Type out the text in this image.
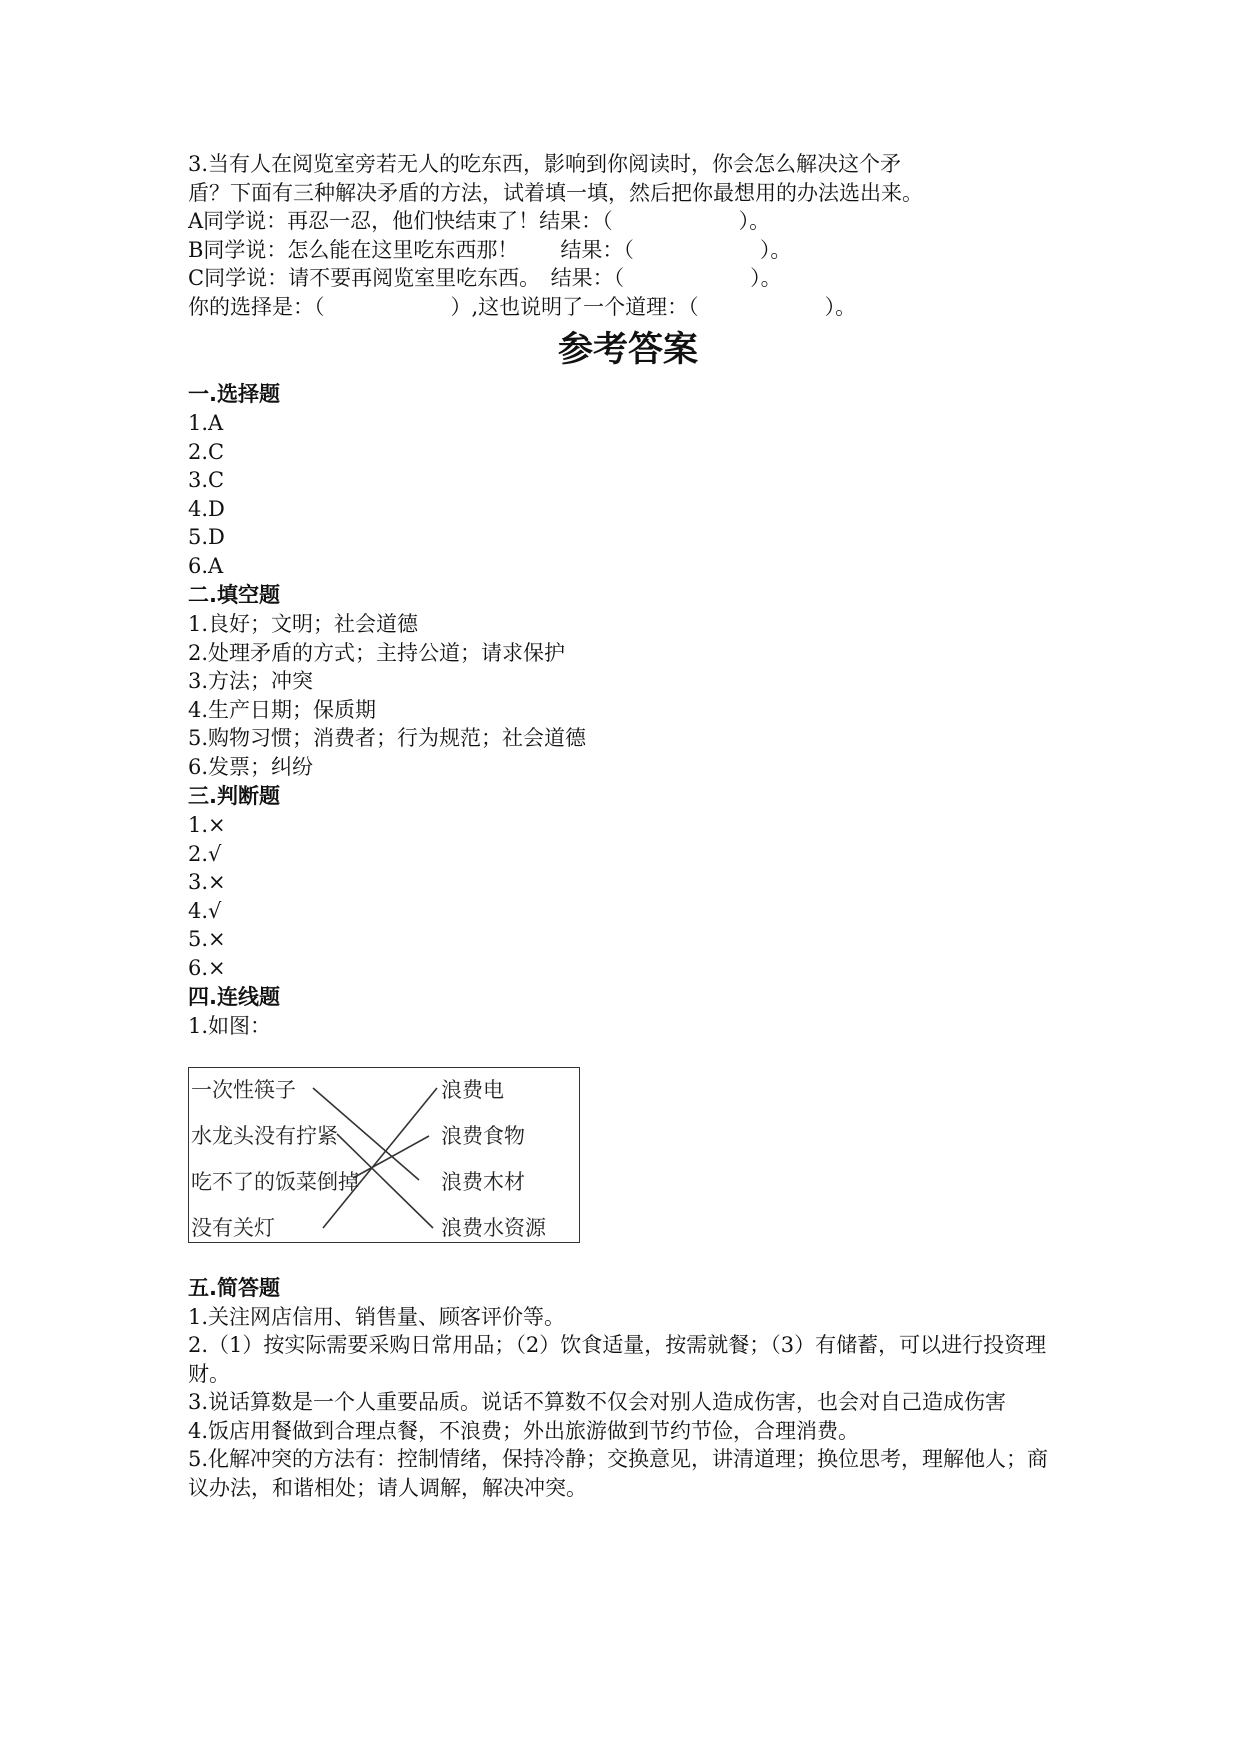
3.当有人在阅览室旁若无人的吃东西，影响到你阅读时，你会怎么解决这个矛
盾？下面有三种解决矛盾的方法，试着填一填，然后把你最想用的办法选出来。
A同学说：再忍一忍，他们快结束了！结果：（　　　　　　）。
B同学说：怎么能在这里吃东西那！　　结果：（　　　　　　）。
C同学说：请不要再阅览室里吃东西。　结果：（　　　　　　）。
你的选择是：（　　　　　　）,这也说明了一个道理：（　　　　　　）。
参考答案
一.选择题
1.A
2.C
3.C
4.D
5.D
6.A
二.填空题
1.良好；文明；社会道德
2.处理矛盾的方式；主持公道；请求保护
3.方法；冲突
4.生产日期；保质期
5.购物习惯；消费者；行为规范；社会道德
6.发票；纠纷
三.判断题
1.×
2.√
3.×
4.√
5.×
6.×
四.连线题
1.如图：
一次性筷子
水龙头没有拧紧
吃不了的饭菜倒掉
没有关灯
浪费电
浪费食物
浪费木材
浪费水资源
五.简答题
1.关注网店信用、销售量、顾客评价等。
2.（1）按实际需要采购日常用品；（2）饮食适量，按需就餐；（3）有储蓄，可以进行投资理财。
3.说话算数是一个人重要品质。说话不算数不仅会对别人造成伤害，也会对自己造成伤害
4.饭店用餐做到合理点餐，不浪费；外出旅游做到节约节俭，合理消费。
5.化解冲突的方法有：控制情绪，保持冷静；交换意见，讲清道理；换位思考，理解他人；商议办法，和谐相处；请人调解，解决冲突。
